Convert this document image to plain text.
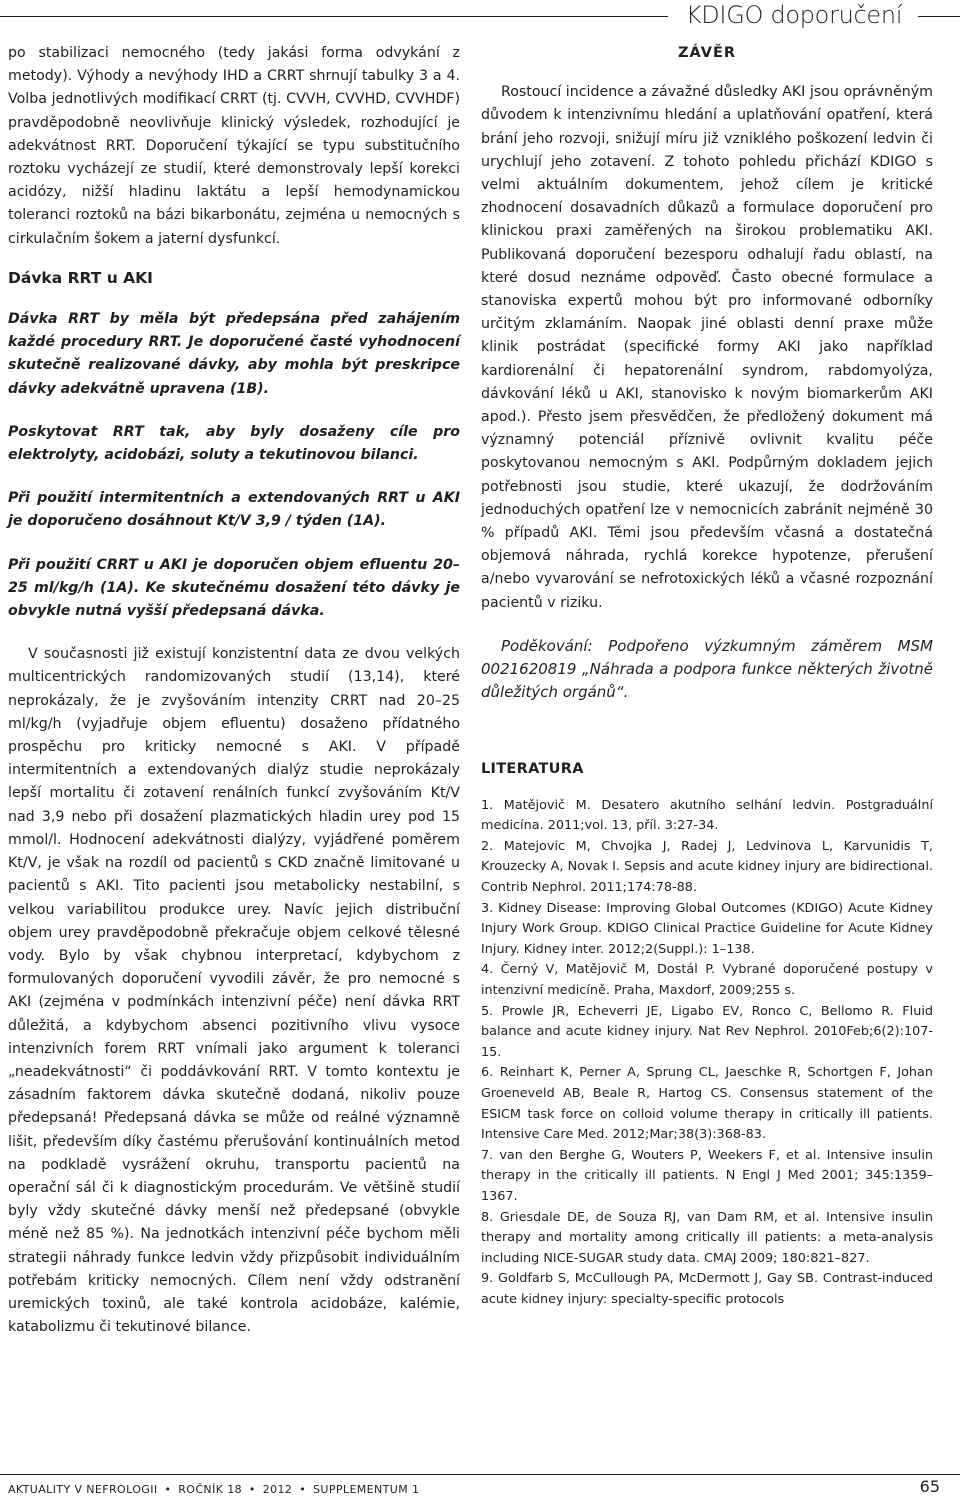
KDIGO doporučení

po stabilizaci nemocného (tedy jakási forma odvykání z metody). Výhody a nevýhody IHD a CRRT shrnují tabulky 3 a 4. Volba jednotlivých modifikací CRRT (tj. CVVH, CVVHD, CVVHDF) pravděpodobně neovlivňuje klinický výsledek, rozhodující je adekvátnost RRT. Doporučení týkající se typu substitučního roztoku vycházejí ze studií, které demonstrovaly lepší korekci acidózy, nižší hladinu laktátu a lepší hemodynamickou toleranci roztoků na bázi bikarbonátu, zejména u nemocných s cirkulačním šokem a jaterní dysfunkcí.

Dávka RRT u AKI

Dávka RRT by měla být předepsána před zahájením každé procedury RRT. Je doporučené časté vyhodnocení skutečně realizované dávky, aby mohla být preskripce dávky adekvátně upravena (1B).

Poskytovat RRT tak, aby byly dosaženy cíle pro elektrolyty, acidobázi, soluty a tekutinovou bilanci.

Při použití intermitentních a extendovaných RRT u AKI je doporučeno dosáhnout Kt/V 3,9 / týden (1A).

Při použití CRRT u AKI je doporučen objem efluentu 20–25 ml/kg/h (1A). Ke skutečnému dosažení této dávky je obvykle nutná vyšší předepsaná dávka.

V současnosti již existují konzistentní data ze dvou velkých multicentrických randomizovaných studií (13,14), které neprokázaly, že je zvyšováním intenzity CRRT nad 20–25 ml/kg/h (vyjadřuje objem efluentu) dosaženo přídatného prospěchu pro kriticky nemocné s AKI. V případě intermitentních a extendovaných dialýz studie neprokázaly lepší mortalitu či zotavení renálních funkcí zvyšováním Kt/V nad 3,9 nebo při dosažení plazmatických hladin urey pod 15 mmol/l. Hodnocení adekvátnosti dialýzy, vyjádřené poměrem Kt/V, je však na rozdíl od pacientů s CKD značně limitované u pacientů s AKI. Tito pacienti jsou metabolicky nestabilní, s velkou variabilitou produkce urey. Navíc jejich distribuční objem urey pravděpodobně překračuje objem celkové tělesné vody. Bylo by však chybnou interpretací, kdybychom z formulovaných doporučení vyvodili závěr, že pro nemocné s AKI (zejména v podmínkách intenzivní péče) není dávka RRT důležitá, a kdybychom absenci pozitivního vlivu vysoce intenzivních forem RRT vnímali jako argument k toleranci „neadekvátnosti“ či poddávkování RRT. V tomto kontextu je zásadním faktorem dávka skutečně dodaná, nikoliv pouze předepsaná! Předepsaná dávka se může od reálné významně lišit, především díky častému přerušování kontinuálních metod na podkladě vysrážení okruhu, transportu pacientů na operační sál či k diagnostickým procedurám. Ve většině studií byly vždy skutečné dávky menší než předepsané (obvykle méně než 85 %). Na jednotkách intenzivní péče bychom měli strategii náhrady funkce ledvin vždy přizpůsobit individuálním potřebám kriticky nemocných. Cílem není vždy odstranění uremických toxinů, ale také kontrola acidobáze, kalémie, katabolizmu či tekutinové bilance.

ZÁVĚR

Rostoucí incidence a závažné důsledky AKI jsou oprávněným důvodem k intenzivnímu hledání a uplatňování opatření, která brání jeho rozvoji, snižují míru již vzniklého poškození ledvin či urychlují jeho zotavení. Z tohoto pohledu přichází KDIGO s velmi aktuálním dokumentem, jehož cílem je kritické zhodnocení dosavadních důkazů a formulace doporučení pro klinickou praxi zaměřených na širokou problematiku AKI. Publikovaná doporučení bezesporu odhalují řadu oblastí, na které dosud neznáme odpověď. Často obecné formulace a stanoviska expertů mohou být pro informované odborníky určitým zklamáním. Naopak jiné oblasti denní praxe může klinik postrádat (specifické formy AKI jako například kardiorenální či hepatorenální syndrom, rabdomyolýza, dávkování léků u AKI, stanovisko k novým biomarkerům AKI apod.). Přesto jsem přesvědčen, že předložený dokument má významný potenciál příznivě ovlivnit kvalitu péče poskytovanou nemocným s AKI. Podpůrným dokladem jejich potřebnosti jsou studie, které ukazují, že dodržováním jednoduchých opatření lze v nemocnicích zabránit nejméně 30 % případů AKI. Těmi jsou především včasná a dostatečná objemová náhrada, rychlá korekce hypotenze, přerušení a/nebo vyvarování se nefrotoxických léků a včasné rozpoznání pacientů v riziku.

Poděkování: Podpořeno výzkumným záměrem MSM 0021620819 „Náhrada a podpora funkce některých životně důležitých orgánů“.

LITERATURA
1. Matějovič M. Desatero akutního selhání ledvin. Postgraduální medicína. 2011;vol. 13, příl. 3:27-34.
2. Matejovic M, Chvojka J, Radej J, Ledvinova L, Karvunidis T, Krouzecky A, Novak I. Sepsis and acute kidney injury are bidirectional. Contrib Nephrol. 2011;174:78-88.
3. Kidney Disease: Improving Global Outcomes (KDIGO) Acute Kidney Injury Work Group. KDIGO Clinical Practice Guideline for Acute Kidney Injury. Kidney inter. 2012;2(Suppl.): 1–138.
4. Černý V, Matějovič M, Dostál P. Vybrané doporučené postupy v intenzivní medicíně. Praha, Maxdorf, 2009;255 s.
5. Prowle JR, Echeverri JE, Ligabo EV, Ronco C, Bellomo R. Fluid balance and acute kidney injury. Nat Rev Nephrol. 2010Feb;6(2):107-15.
6. Reinhart K, Perner A, Sprung CL, Jaeschke R, Schortgen F, Johan Groeneveld AB, Beale R, Hartog CS. Consensus statement of the ESICM task force on colloid volume therapy in critically ill patients. Intensive Care Med. 2012;Mar;38(3):368-83.
7. van den Berghe G, Wouters P, Weekers F, et al. Intensive insulin therapy in the critically ill patients. N Engl J Med 2001; 345:1359–1367.
8. Griesdale DE, de Souza RJ, van Dam RM, et al. Intensive insulin therapy and mortality among critically ill patients: a meta-analysis including NICE-SUGAR study data. CMAJ 2009; 180:821–827.
9. Goldfarb S, McCullough PA, McDermott J, Gay SB. Contrast-induced acute kidney injury: specialty-specific protocols
AKTUALITY V NEFROLOGII • ROČNÍK 18 • 2012 • SUPPLEMENTUM 1	65
